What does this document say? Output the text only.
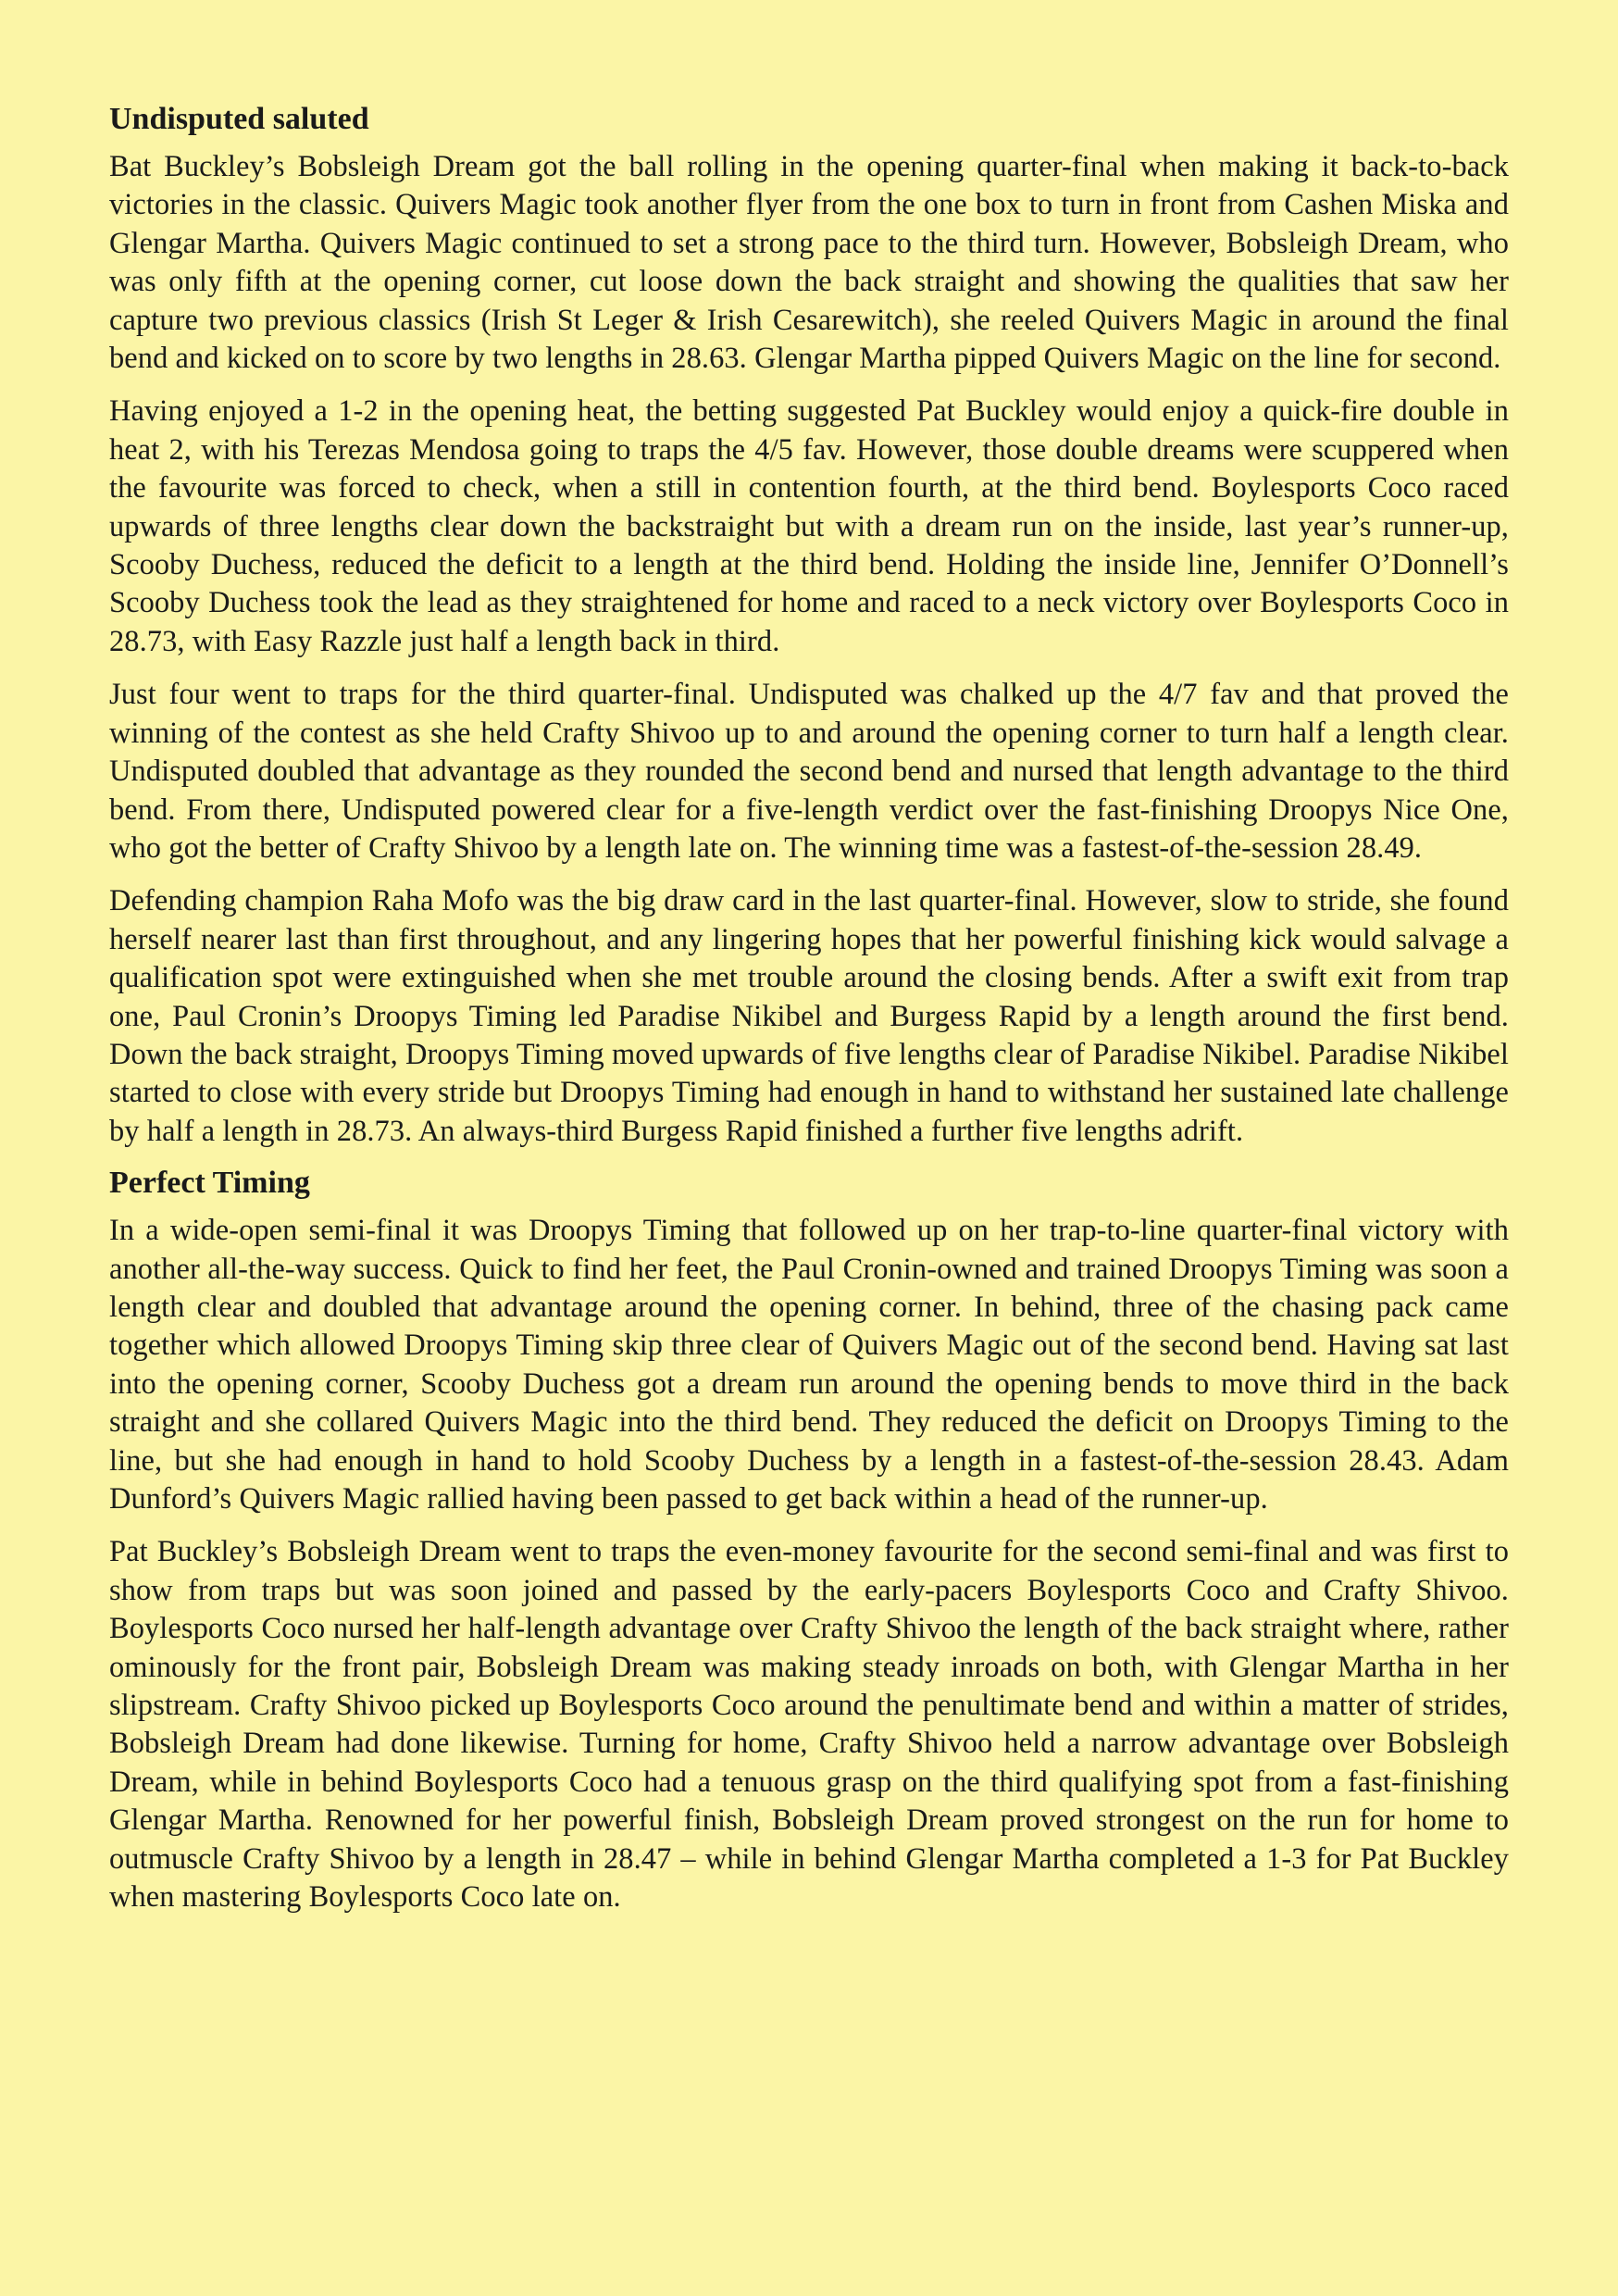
Undisputed saluted

Bat Buckley’s Bobsleigh Dream got the ball rolling in the opening quarter-final when making it back-to-back victories in the classic. Quivers Magic took another flyer from the one box to turn in front from Cashen Miska and Glengar Martha. Quivers Magic continued to set a strong pace to the third turn. However, Bobsleigh Dream, who was only fifth at the opening corner, cut loose down the back straight and showing the qualities that saw her capture two previous classics (Irish St Leger & Irish Cesarewitch), she reeled Quivers Magic in around the final bend and kicked on to score by two lengths in 28.63. Glengar Martha pipped Quivers Magic on the line for second.

Having enjoyed a 1-2 in the opening heat, the betting suggested Pat Buckley would enjoy a quick-fire double in heat 2, with his Terezas Mendosa going to traps the 4/5 fav. However, those double dreams were scuppered when the favourite was forced to check, when a still in contention fourth, at the third bend. Boylesports Coco raced upwards of three lengths clear down the backstraight but with a dream run on the inside, last year’s runner-up, Scooby Duchess, reduced the deficit to a length at the third bend. Holding the inside line, Jennifer O’Donnell’s Scooby Duchess took the lead as they straightened for home and raced to a neck victory over Boylesports Coco in 28.73, with Easy Razzle just half a length back in third.

Just four went to traps for the third quarter-final. Undisputed was chalked up the 4/7 fav and that proved the winning of the contest as she held Crafty Shivoo up to and around the opening corner to turn half a length clear. Undisputed doubled that advantage as they rounded the second bend and nursed that length advantage to the third bend. From there, Undisputed powered clear for a five-length verdict over the fast-finishing Droopys Nice One, who got the better of Crafty Shivoo by a length late on. The winning time was a fastest-of-the-session 28.49.

Defending champion Raha Mofo was the big draw card in the last quarter-final. However, slow to stride, she found herself nearer last than first throughout, and any lingering hopes that her powerful finishing kick would salvage a qualification spot were extinguished when she met trouble around the closing bends. After a swift exit from trap one, Paul Cronin’s Droopys Timing led Paradise Nikibel and Burgess Rapid by a length around the first bend. Down the back straight, Droopys Timing moved upwards of five lengths clear of Paradise Nikibel. Paradise Nikibel started to close with every stride but Droopys Timing had enough in hand to withstand her sustained late challenge by half a length in 28.73. An always-third Burgess Rapid finished a further five lengths adrift.

Perfect Timing

In a wide-open semi-final it was Droopys Timing that followed up on her trap-to-line quarter-final victory with another all-the-way success. Quick to find her feet, the Paul Cronin-owned and trained Droopys Timing was soon a length clear and doubled that advantage around the opening corner. In behind, three of the chasing pack came together which allowed Droopys Timing skip three clear of Quivers Magic out of the second bend. Having sat last into the opening corner, Scooby Duchess got a dream run around the opening bends to move third in the back straight and she collared Quivers Magic into the third bend. They reduced the deficit on Droopys Timing to the line, but she had enough in hand to hold Scooby Duchess by a length in a fastest-of-the-session 28.43. Adam Dunford’s Quivers Magic rallied having been passed to get back within a head of the runner-up.

Pat Buckley’s Bobsleigh Dream went to traps the even-money favourite for the second semi-final and was first to show from traps but was soon joined and passed by the early-pacers Boylesports Coco and Crafty Shivoo. Boylesports Coco nursed her half-length advantage over Crafty Shivoo the length of the back straight where, rather ominously for the front pair, Bobsleigh Dream was making steady inroads on both, with Glengar Martha in her slipstream. Crafty Shivoo picked up Boylesports Coco around the penultimate bend and within a matter of strides, Bobsleigh Dream had done likewise. Turning for home, Crafty Shivoo held a narrow advantage over Bobsleigh Dream, while in behind Boylesports Coco had a tenuous grasp on the third qualifying spot from a fast-finishing Glengar Martha. Renowned for her powerful finish, Bobsleigh Dream proved strongest on the run for home to outmuscle Crafty Shivoo by a length in 28.47 – while in behind Glengar Martha completed a 1-3 for Pat Buckley when mastering Boylesports Coco late on.
